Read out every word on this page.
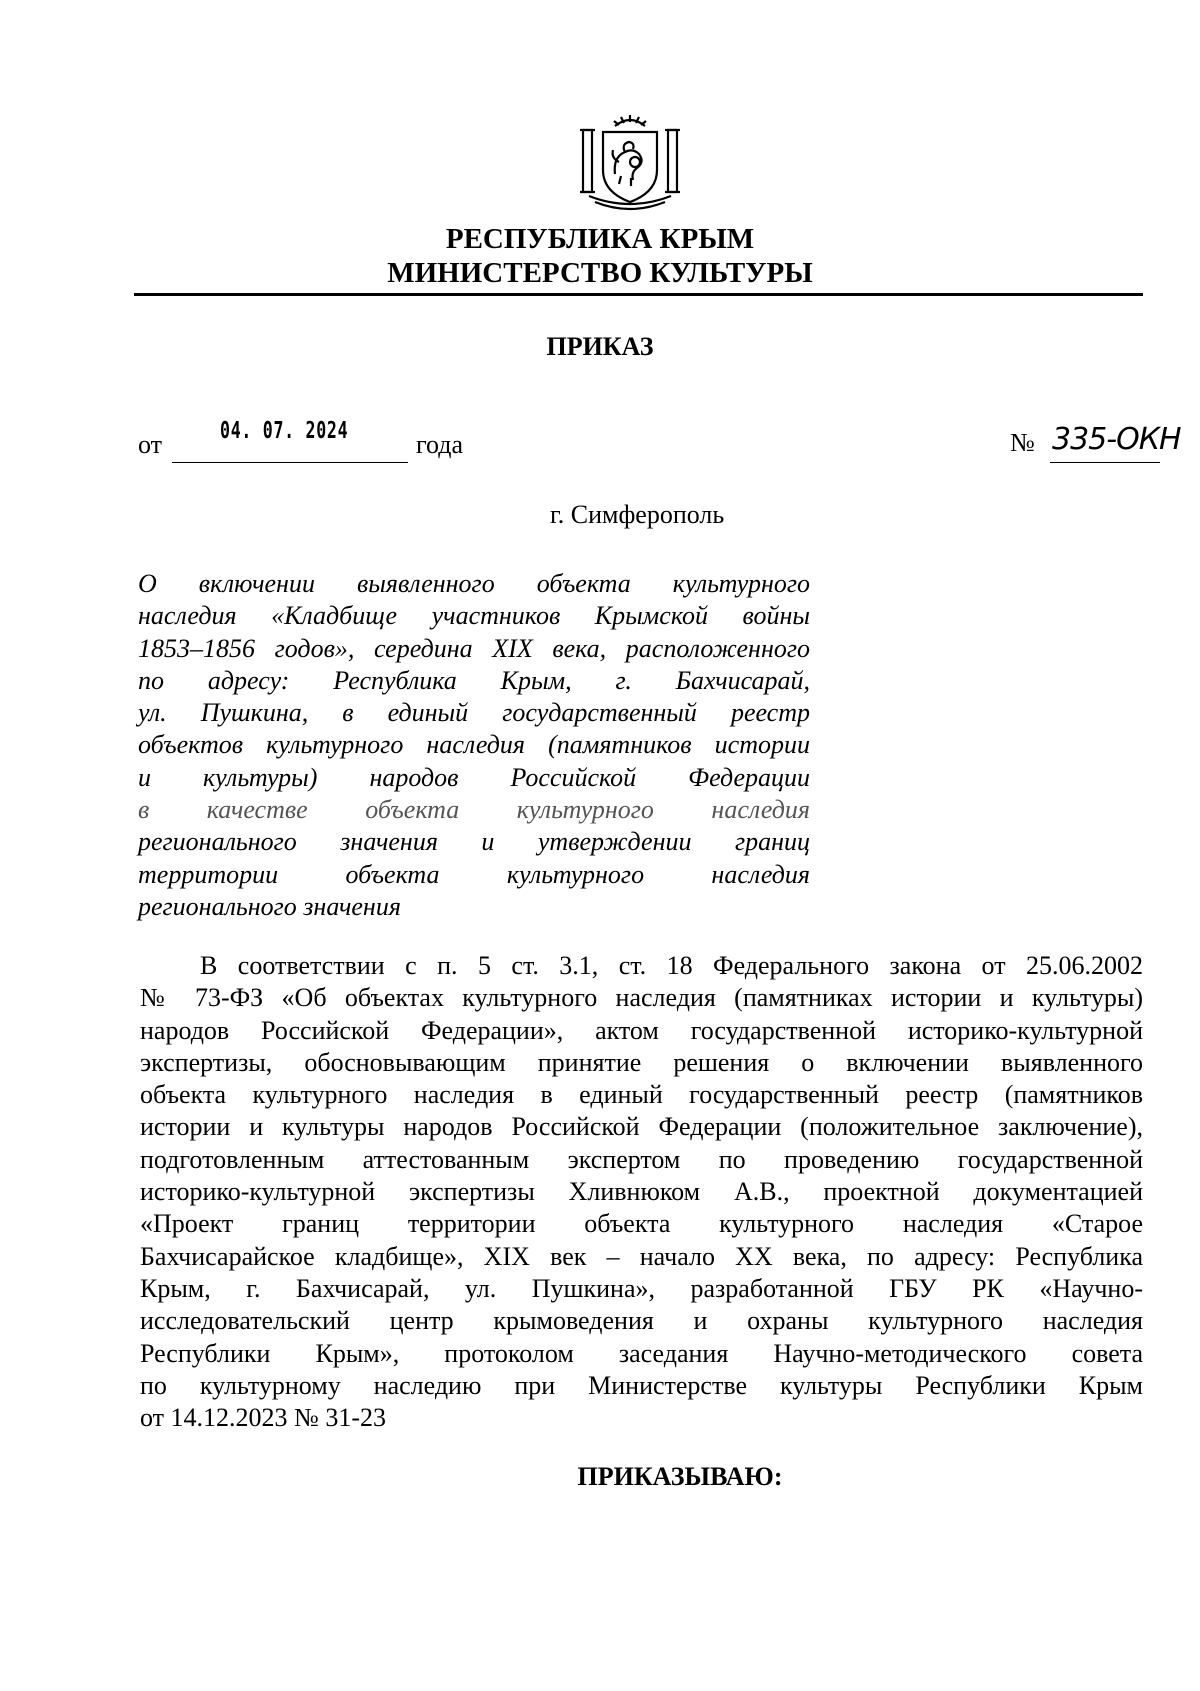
РЕСПУБЛИКА КРЫМ
МИНИСТЕРСТВО КУЛЬТУРЫ
ПРИКАЗ
от	04. 07. 2024	года	№ 335-ОКН
г. Симферополь
О включении выявленного объекта культурного
наследия «Кладбище участников Крымской войны
1853–1856 годов», середина XIX века, расположенного
по адресу: Республика Крым, г. Бахчисарай,
ул. Пушкина, в единый государственный реестр
объектов культурного наследия (памятников истории
и культуры) народов Российской Федерации
в качестве объекта культурного наследия
регионального значения и утверждении границ
территории объекта культурного наследия
регионального значения
В соответствии с п. 5 ст. 3.1, ст. 18 Федерального закона от 25.06.2002
№ 73-ФЗ «Об объектах культурного наследия (памятниках истории и культуры)
народов Российской Федерации», актом государственной историко-культурной
экспертизы, обосновывающим принятие решения о включении выявленного
объекта культурного наследия в единый государственный реестр (памятников
истории и культуры народов Российской Федерации (положительное заключение),
подготовленным аттестованным экспертом по проведению государственной
историко-культурной экспертизы Хливнюком А.В., проектной документацией
«Проект границ территории объекта культурного наследия «Старое
Бахчисарайское кладбище», XIX век – начало XX века, по адресу: Республика
Крым, г. Бахчисарай, ул. Пушкина», разработанной ГБУ РК «Научно-
исследовательский центр крымоведения и охраны культурного наследия
Республики Крым», протоколом заседания Научно-методического совета
по культурному наследию при Министерстве культуры Республики Крым
от 14.12.2023 № 31-23
ПРИКАЗЫВАЮ:
